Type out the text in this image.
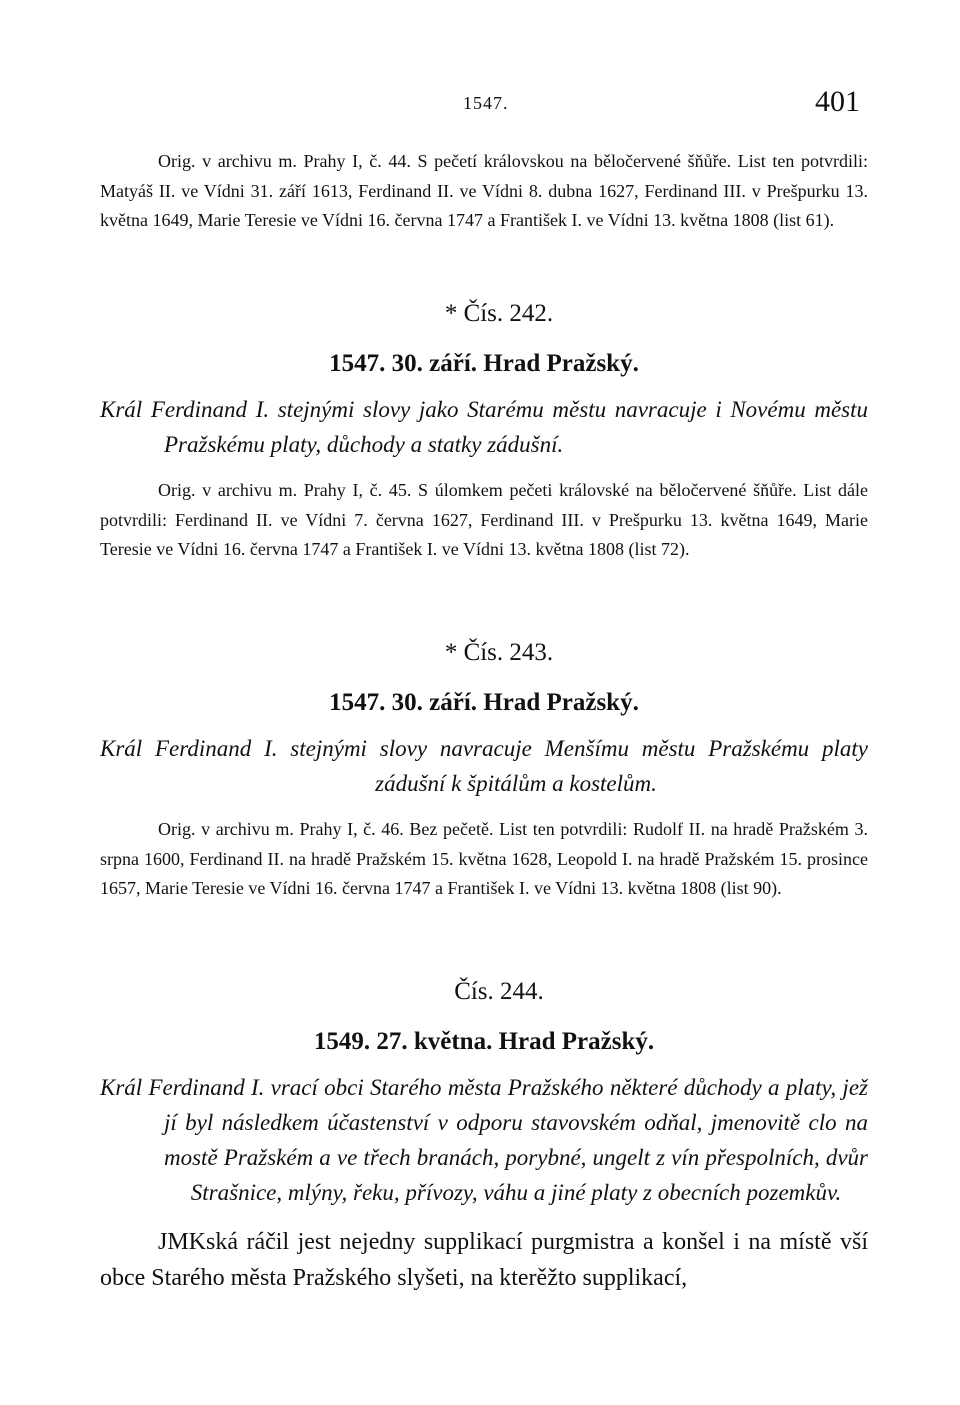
1547.	401

Orig. v archivu m. Prahy I, č. 44. S pečetí královskou na běločervené šňůře. List ten potvrdili: Matyáš II. ve Vídni 31. září 1613, Ferdinand II. ve Vídni 8. dubna 1627, Ferdinand III. v Prešpurku 13. května 1649, Marie Teresie ve Vídni 16. června 1747 a František I. ve Vídni 13. května 1808 (list 61).

* Čís. 242.

1547. 30. září. Hrad Pražský.

Král Ferdinand I. stejnými slovy jako Starému městu navracuje i Novému městu Pražskému platy, důchody a statky zádušní.

Orig. v archivu m. Prahy I, č. 45. S úlomkem pečeti královské na běločervené šňůře. List dále potvrdili: Ferdinand II. ve Vídni 7. června 1627, Ferdinand III. v Prešpurku 13. května 1649, Marie Teresie ve Vídni 16. června 1747 a František I. ve Vídni 13. května 1808 (list 72).

* Čís. 243.

1547. 30. září. Hrad Pražský.

Král Ferdinand I. stejnými slovy navracuje Menšímu městu Pražskému platy zádušní k špitálům a kostelům.

Orig. v archivu m. Prahy I, č. 46. Bez pečetě. List ten potvrdili: Rudolf II. na hradě Pražském 3. srpna 1600, Ferdinand II. na hradě Pražském 15. května 1628, Leopold I. na hradě Pražském 15. prosince 1657, Marie Teresie ve Vídni 16. června 1747 a František I. ve Vídni 13. května 1808 (list 90).

Čís. 244.

1549. 27. května. Hrad Pražský.

Král Ferdinand I. vrací obci Starého města Pražského některé důchody a platy, jež jí byl následkem účastenství v odporu stavovském odňal, jmenovitě clo na mostě Pražském a ve třech branách, porybné, ungelt z vín přespolních, dvůr Strašnice, mlýny, řeku, přívozy, váhu a jiné platy z obecních pozemkův.

JMKská ráčil jest nejedny supplikací purgmistra a konšel i na místě vší obce Starého města Pražského slyšeti, na kterěžto supplikací,
